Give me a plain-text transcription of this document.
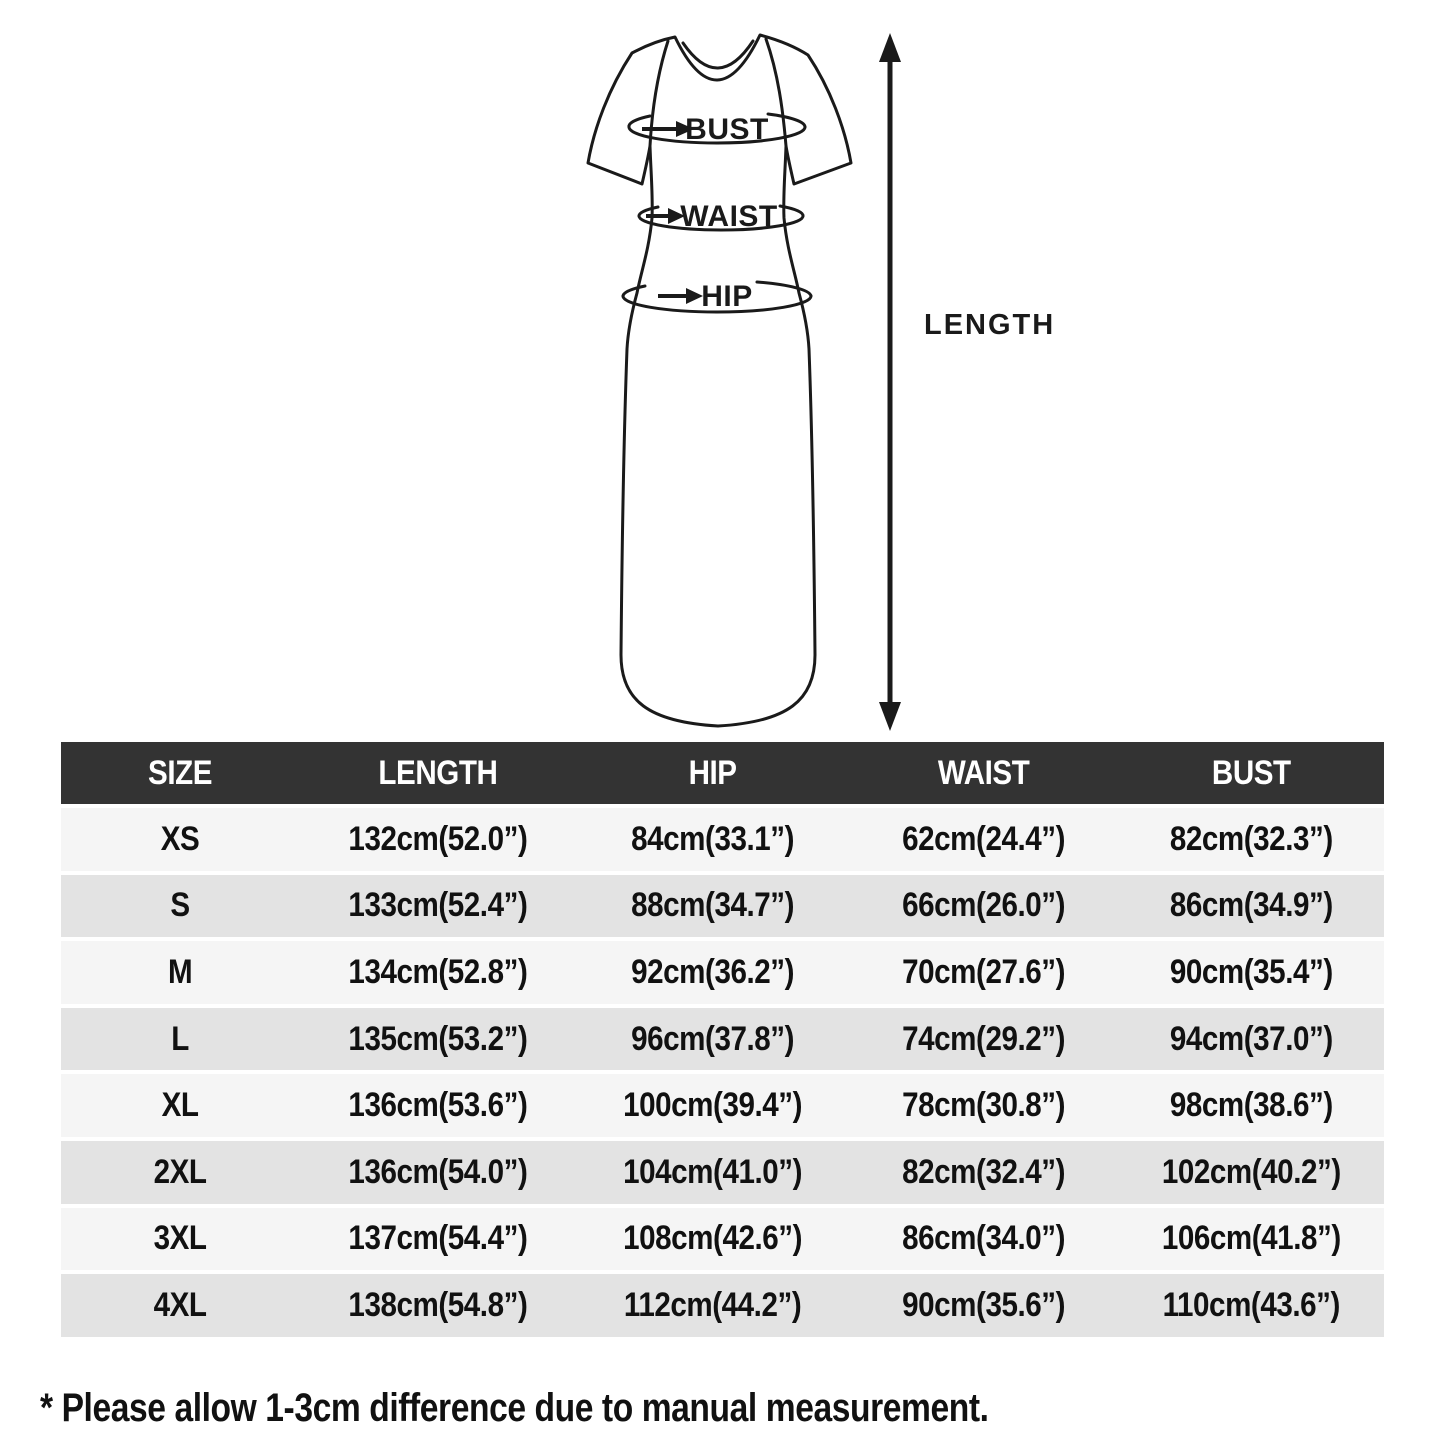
BUST
WAIST
HIP
LENGTH
SIZE	LENGTH	HIP	WAIST	BUST
XS	132cm(52.0”)	84cm(33.1”)	62cm(24.4”)	82cm(32.3”)
S	133cm(52.4”)	88cm(34.7”)	66cm(26.0”)	86cm(34.9”)
M	134cm(52.8”)	92cm(36.2”)	70cm(27.6”)	90cm(35.4”)
L	135cm(53.2”)	96cm(37.8”)	74cm(29.2”)	94cm(37.0”)
XL	136cm(53.6”)	100cm(39.4”)	78cm(30.8”)	98cm(38.6”)
2XL	136cm(54.0”)	104cm(41.0”)	82cm(32.4”)	102cm(40.2”)
3XL	137cm(54.4”)	108cm(42.6”)	86cm(34.0”)	106cm(41.8”)
4XL	138cm(54.8”)	112cm(44.2”)	90cm(35.6”)	110cm(43.6”)

* Please allow 1-3cm difference due to manual measurement.
